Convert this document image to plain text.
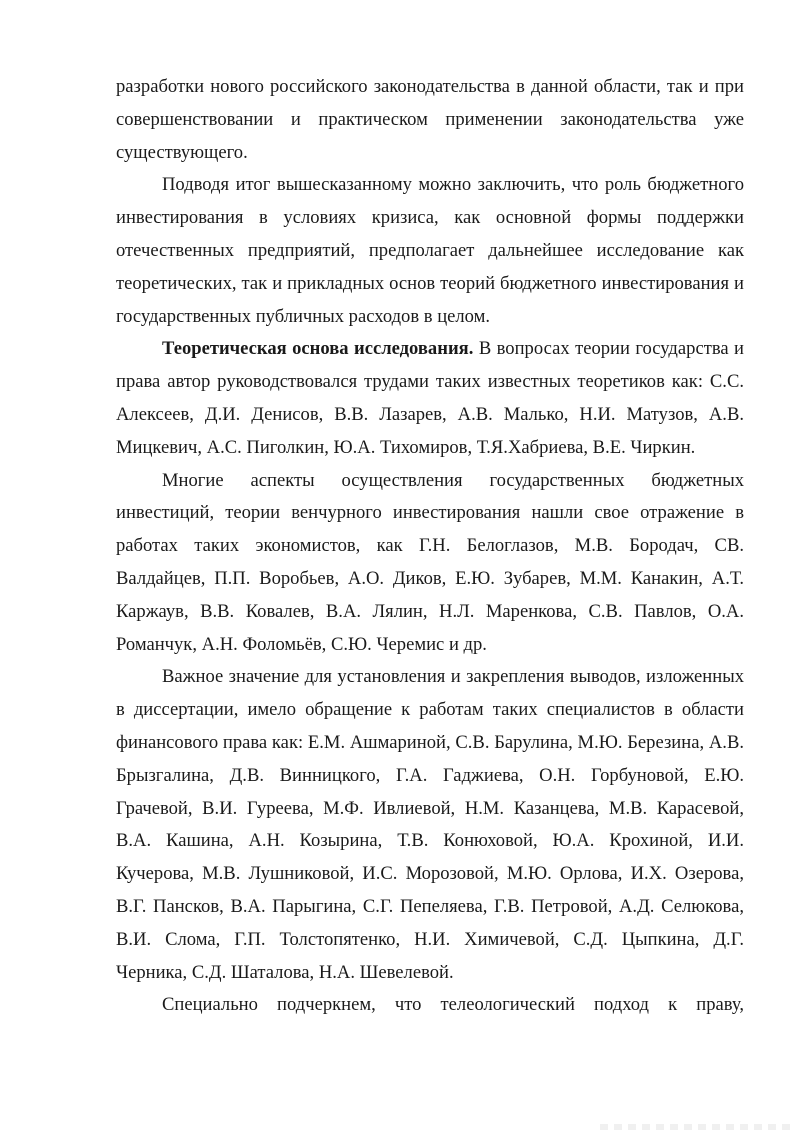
разработки нового российского законодательства в данной области, так и при совершенствовании и практическом применении законодательства уже существующего.

Подводя итог вышесказанному можно заключить, что роль бюджетного инвестирования в условиях кризиса, как основной формы поддержки отечественных предприятий, предполагает дальнейшее исследование как теоретических, так и прикладных основ теорий бюджетного инвестирования и государственных публичных расходов в целом.

Теоретическая основа исследования. В вопросах теории государства и права автор руководствовался трудами таких известных теоретиков как: С.С. Алексеев, Д.И. Денисов, В.В. Лазарев, А.В. Малько, Н.И. Матузов, А.В. Мицкевич, А.С. Пиголкин, Ю.А. Тихомиров, Т.Я.Хабриева, В.Е. Чиркин.

Многие аспекты осуществления государственных бюджетных инвестиций, теории венчурного инвестирования нашли свое отражение в работах таких экономистов, как Г.Н. Белоглазов, М.В. Бородач, СВ. Валдайцев, П.П. Воробьев, А.О. Диков, Е.Ю. Зубарев, М.М. Канакин, А.Т. Каржаув, В.В. Ковалев, В.А. Лялин, Н.Л. Маренкова, С.В. Павлов, О.А. Романчук, А.Н. Фоломьёв, С.Ю. Черемис и др.

Важное значение для установления и закрепления выводов, изложенных в диссертации, имело обращение к работам таких специалистов в области финансового права как: Е.М. Ашмариной, С.В. Барулина, М.Ю. Березина, А.В. Брызгалина, Д.В. Винницкого, Г.А. Гаджиева, О.Н. Горбуновой, Е.Ю. Грачевой, В.И. Гуреева, М.Ф. Ивлиевой, Н.М. Казанцева, М.В. Карасевой, В.А. Кашина, А.Н. Козырина, Т.В. Конюховой, Ю.А. Крохиной, И.И. Кучерова, М.В. Лушниковой, И.С. Морозовой, М.Ю. Орлова, И.Х. Озерова, В.Г. Пансков, В.А. Парыгина, С.Г. Пепеляева, Г.В. Петровой, А.Д. Селюкова, В.И. Слома, Г.П. Толстопятенко, Н.И. Химичевой, С.Д. Цыпкина, Д.Г. Черника, С.Д. Шаталова, Н.А. Шевелевой.

Специально подчеркнем, что телеологический подход к праву,
